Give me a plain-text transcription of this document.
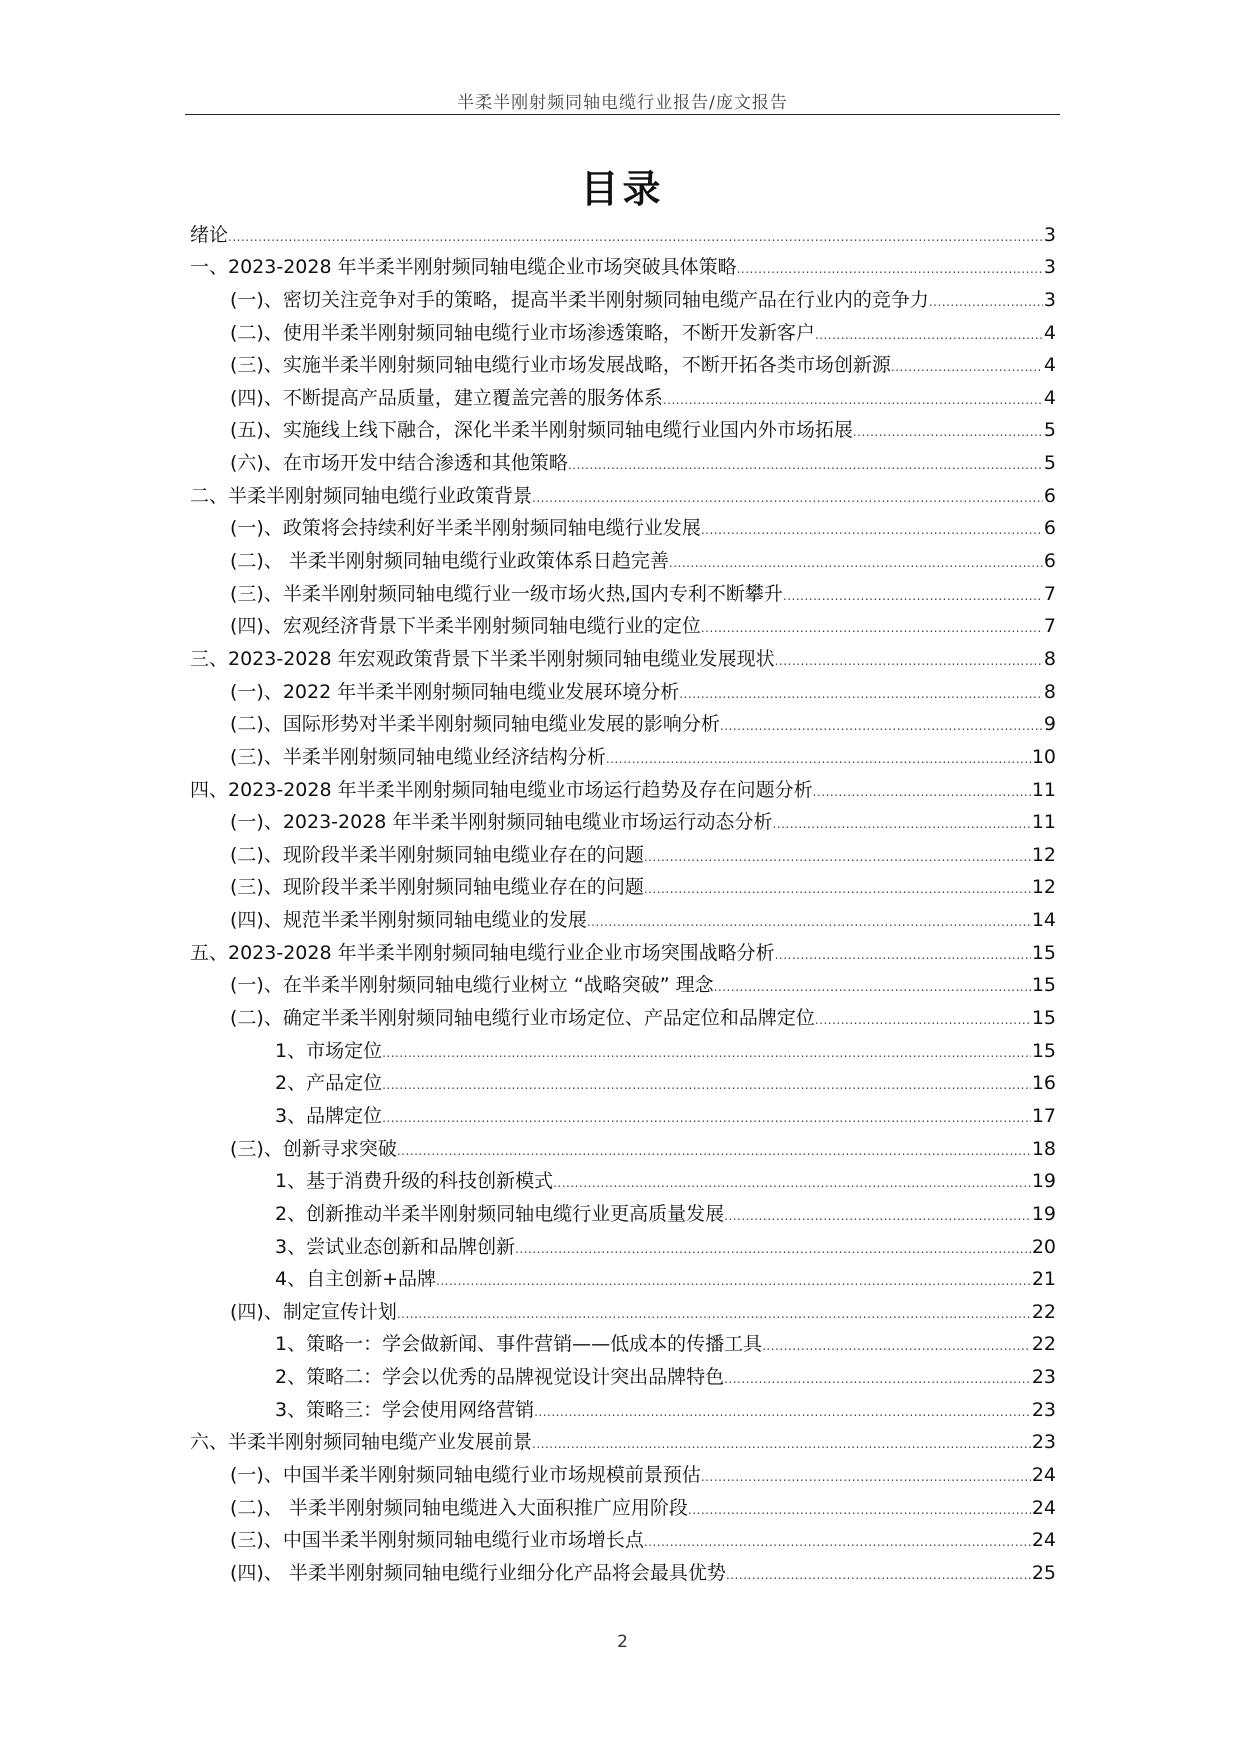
半柔半刚射频同轴电缆行业报告/庞文报告
目录
绪论 .....	3
一、2023-2028 年半柔半刚射频同轴电缆企业市场突破具体策略 .....	3
(一)、密切关注竞争对手的策略，提高半柔半刚射频同轴电缆产品在行业内的竞争力 .....	3
(二)、使用半柔半刚射频同轴电缆行业市场渗透策略，不断开发新客户 .....	4
(三)、实施半柔半刚射频同轴电缆行业市场发展战略，不断开拓各类市场创新源 .....	4
(四)、不断提高产品质量，建立覆盖完善的服务体系 .....	4
(五)、实施线上线下融合，深化半柔半刚射频同轴电缆行业国内外市场拓展 .....	5
(六)、在市场开发中结合渗透和其他策略 .....	5
二、半柔半刚射频同轴电缆行业政策背景 .....	6
(一)、政策将会持续利好半柔半刚射频同轴电缆行业发展 .....	6
(二)、 半柔半刚射频同轴电缆行业政策体系日趋完善 .....	6
(三)、半柔半刚射频同轴电缆行业一级市场火热,国内专利不断攀升 .....	7
(四)、宏观经济背景下半柔半刚射频同轴电缆行业的定位 .....	7
三、2023-2028 年宏观政策背景下半柔半刚射频同轴电缆业发展现状 .....	8
(一)、2022 年半柔半刚射频同轴电缆业发展环境分析 .....	8
(二)、国际形势对半柔半刚射频同轴电缆业发展的影响分析 .....	9
(三)、半柔半刚射频同轴电缆业经济结构分析 .....	10
四、2023-2028 年半柔半刚射频同轴电缆业市场运行趋势及存在问题分析 .....	11
(一)、2023-2028 年半柔半刚射频同轴电缆业市场运行动态分析 .....	11
(二)、现阶段半柔半刚射频同轴电缆业存在的问题 .....	12
(三)、现阶段半柔半刚射频同轴电缆业存在的问题 .....	12
(四)、规范半柔半刚射频同轴电缆业的发展 .....	14
五、2023-2028 年半柔半刚射频同轴电缆行业企业市场突围战略分析 .....	15
(一)、在半柔半刚射频同轴电缆行业树立 “战略突破” 理念 .....	15
(二)、确定半柔半刚射频同轴电缆行业市场定位、产品定位和品牌定位 .....	15
1、市场定位 .....	15
2、产品定位 .....	16
3、品牌定位 .....	17
(三)、创新寻求突破 .....	18
1、基于消费升级的科技创新模式 .....	19
2、创新推动半柔半刚射频同轴电缆行业更高质量发展 .....	19
3、尝试业态创新和品牌创新 .....	20
4、自主创新+品牌 .....	21
(四)、制定宣传计划 .....	22
1、策略一：学会做新闻、事件营销——低成本的传播工具 .....	22
2、策略二：学会以优秀的品牌视觉设计突出品牌特色 .....	23
3、策略三：学会使用网络营销 .....	23
六、半柔半刚射频同轴电缆产业发展前景 .....	23
(一)、中国半柔半刚射频同轴电缆行业市场规模前景预估 .....	24
(二)、 半柔半刚射频同轴电缆进入大面积推广应用阶段 .....	24
(三)、中国半柔半刚射频同轴电缆行业市场增长点 .....	24
(四)、 半柔半刚射频同轴电缆行业细分化产品将会最具优势 .....	25
2
